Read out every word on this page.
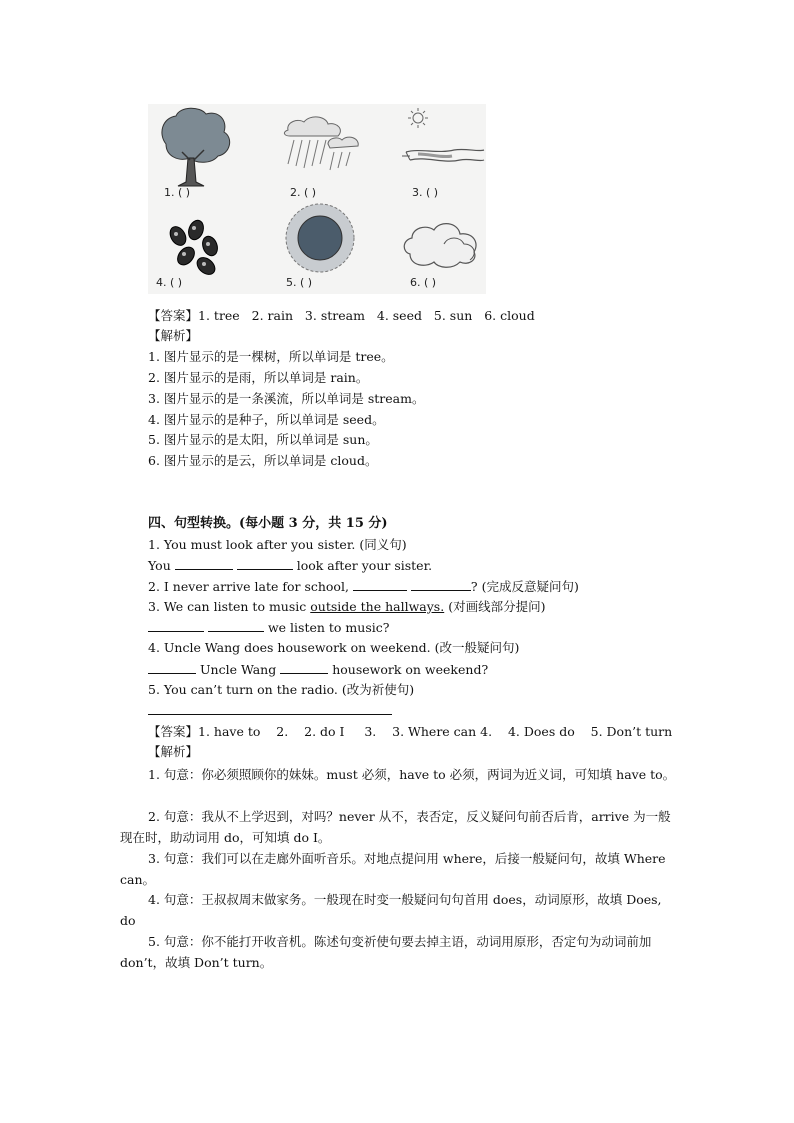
1. ( )	2. ( )	3. ( )
4. ( )	5. ( )	6. ( )
【答案】1. tree   2. rain   3. stream   4. seed   5. sun   6. cloud
【解析】
1. 图片显示的是一棵树，所以单词是 tree。
2. 图片显示的是雨，所以单词是 rain。
3. 图片显示的是一条溪流，所以单词是 stream。
4. 图片显示的是种子，所以单词是 seed。
5. 图片显示的是太阳，所以单词是 sun。
6. 图片显示的是云，所以单词是 cloud。
四、句型转换。(每小题 3 分，共 15 分)
1. You must look after you sister. (同义句)
You	look after your sister.
2. I never arrive late for school,	? (完成反意疑问句)
3. We can listen to music outside the hallways. (对画线部分提问)
we listen to music?
4. Uncle Wang does housework on weekend. (改一般疑问句)
Uncle Wang	housework on weekend?
5. You can’t turn on the radio. (改为祈使句)
【答案】1. have to    2.    2. do I     3.    3. Where can 4.    4. Does do    5. Don’t turn
【解析】
1. 句意：你必须照顾你的妹妹。must 必须，have to 必须，两词为近义词，可知填 have to。
2. 句意：我从不上学迟到，对吗？never 从不，表否定，反义疑问句前否后肯，arrive 为一般现在时，助动词用 do，可知填 do I。
3. 句意：我们可以在走廊外面听音乐。对地点提问用 where，后接一般疑问句，故填 Where can。
4. 句意：王叔叔周末做家务。一般现在时变一般疑问句句首用 does，动词原形，故填 Does, do
5. 句意：你不能打开收音机。陈述句变祈使句要去掉主语，动词用原形，否定句为动词前加 don’t，故填 Don’t turn。
